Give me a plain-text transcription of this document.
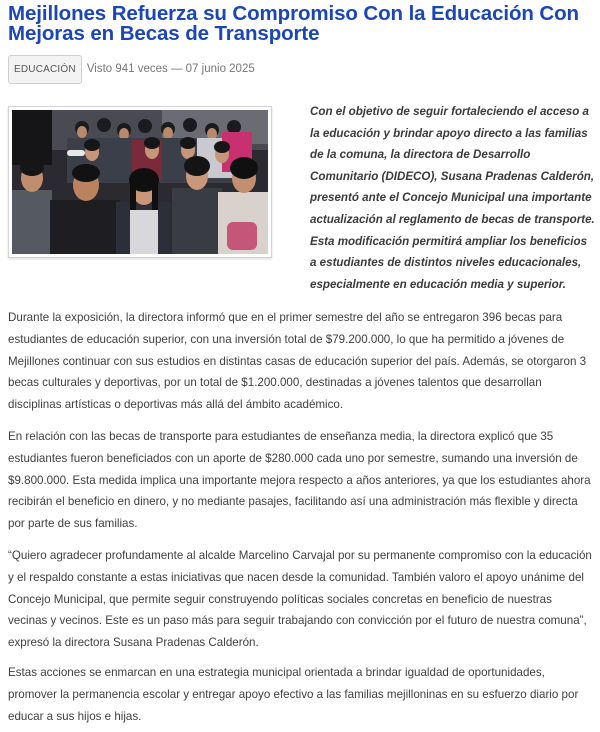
Mejillones Refuerza su Compromiso Con la Educación Con Mejoras en Becas de Transporte
EDUCACIÓN Visto 941 veces — 07 junio 2025

Con el objetivo de seguir fortaleciendo el acceso a la educación y brindar apoyo directo a las familias de la comuna, la directora de Desarrollo Comunitario (DIDECO), Susana Pradenas Calderón, presentó ante el Concejo Municipal una importante actualización al reglamento de becas de transporte. Esta modificación permitirá ampliar los beneficios a estudiantes de distintos niveles educacionales, especialmente en educación media y superior.

Durante la exposición, la directora informó que en el primer semestre del año se entregaron 396 becas para estudiantes de educación superior, con una inversión total de $79.200.000, lo que ha permitido a jóvenes de Mejillones continuar con sus estudios en distintas casas de educación superior del país. Además, se otorgaron 3 becas culturales y deportivas, por un total de $1.200.000, destinadas a jóvenes talentos que desarrollan disciplinas artísticas o deportivas más allá del ámbito académico.

En relación con las becas de transporte para estudiantes de enseñanza media, la directora explicó que 35 estudiantes fueron beneficiados con un aporte de $280.000 cada uno por semestre, sumando una inversión de $9.800.000. Esta medida implica una importante mejora respecto a años anteriores, ya que los estudiantes ahora recibirán el beneficio en dinero, y no mediante pasajes, facilitando así una administración más flexible y directa por parte de sus familias.

“Quiero agradecer profundamente al alcalde Marcelino Carvajal por su permanente compromiso con la educación y el respaldo constante a estas iniciativas que nacen desde la comunidad. También valoro el apoyo unánime del Concejo Municipal, que permite seguir construyendo políticas sociales concretas en beneficio de nuestras vecinas y vecinos. Este es un paso más para seguir trabajando con convicción por el futuro de nuestra comuna”, expresó la directora Susana Pradenas Calderón.

Estas acciones se enmarcan en una estrategia municipal orientada a brindar igualdad de oportunidades, promover la permanencia escolar y entregar apoyo efectivo a las familias mejilloninas en su esfuerzo diario por educar a sus hijos e hijas.
